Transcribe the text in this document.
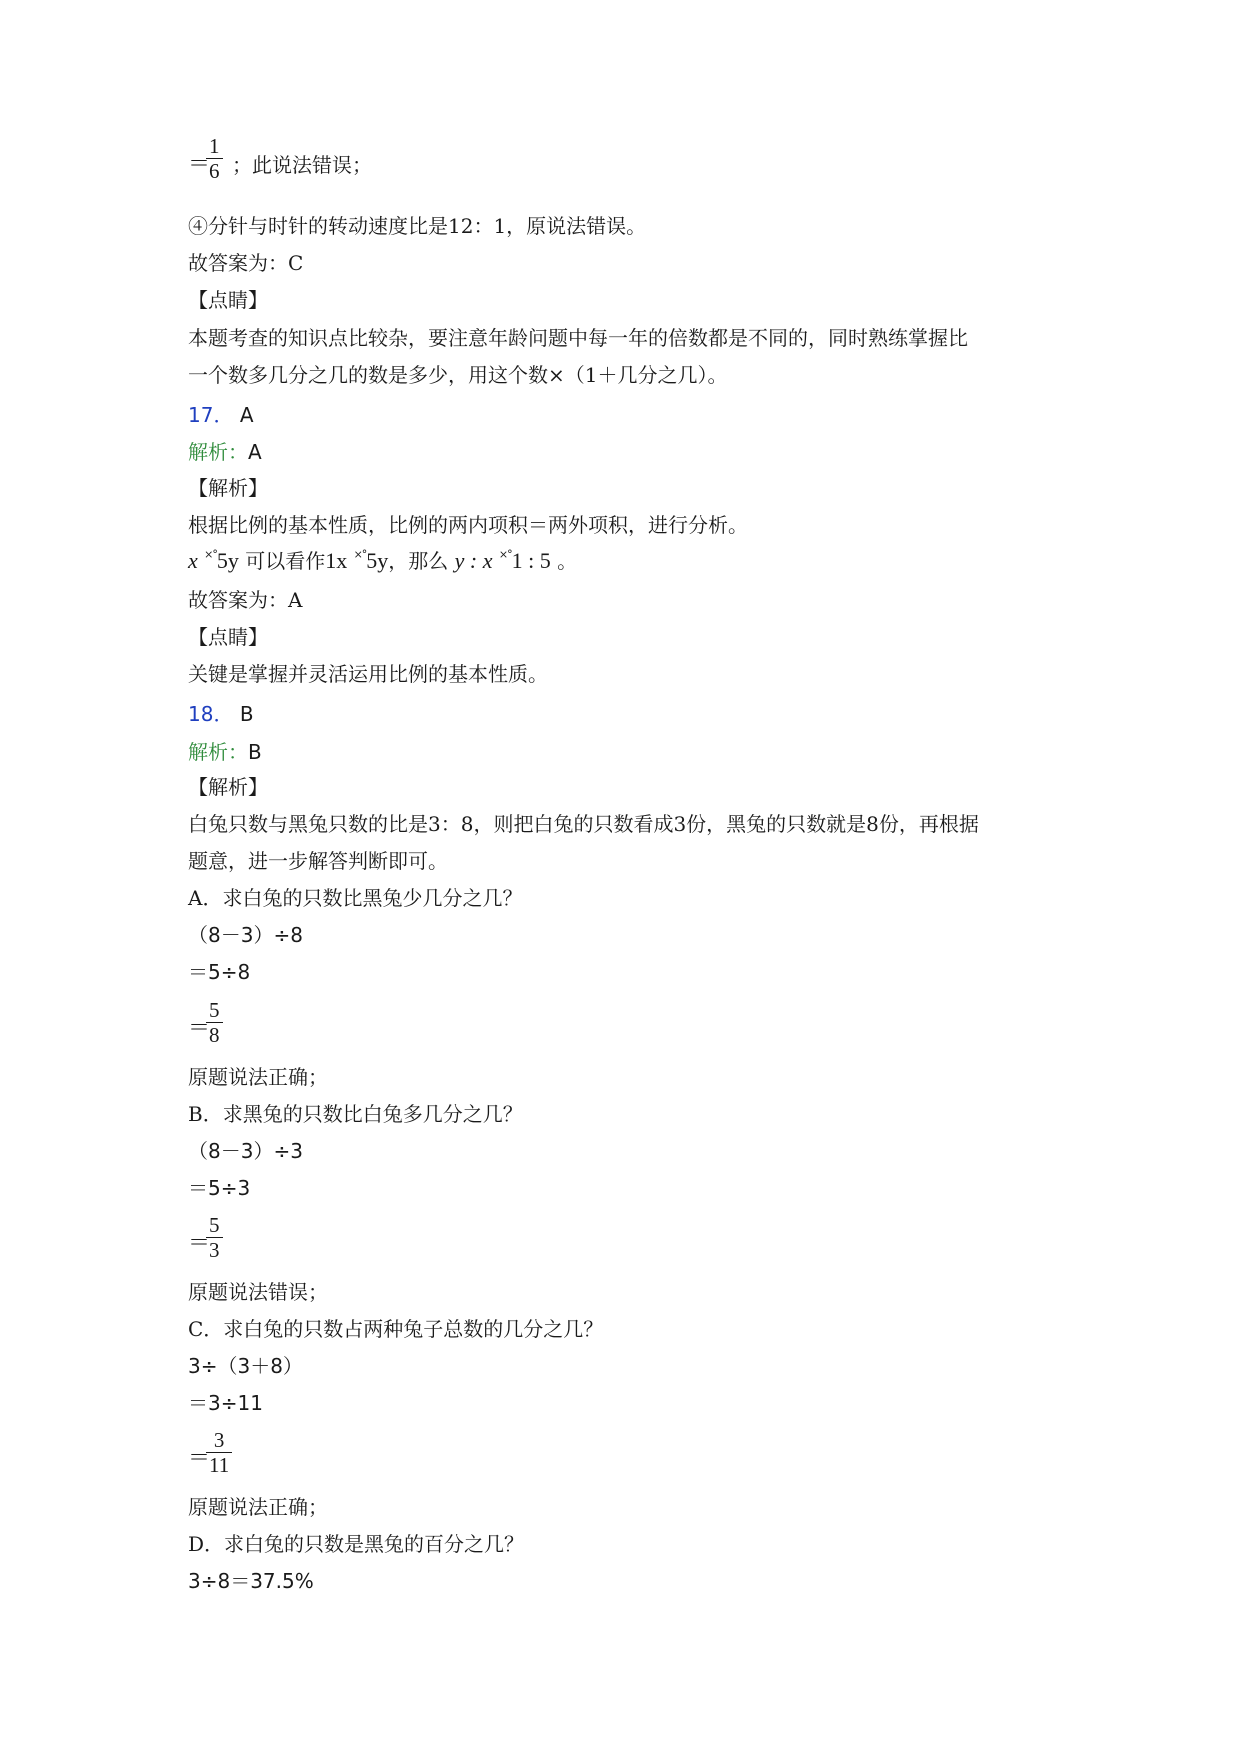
＝
1
6 ；此说法错误；
④分针与时针的转动速度比是12：1，原说法错误。
故答案为：C
【点睛】
本题考查的知识点比较杂，要注意年龄问题中每一年的倍数都是不同的，同时熟练掌握比
一个数多几分之几的数是多少，用这个数×（1＋几分之几）。
17． A
解析：A
【解析】
根据比例的基本性质，比例的两内项积＝两外项积，进行分析。
x ×°5y 可以看作1x ×°5y，那么 y : x ×°1 : 5 。
故答案为：A
【点睛】
关键是掌握并灵活运用比例的基本性质。
18． B
解析：B
【解析】
白兔只数与黑兔只数的比是3：8，则把白兔的只数看成3份，黑兔的只数就是8份，再根据
题意，进一步解答判断即可。
A．求白兔的只数比黑兔少几分之几？
（8－3）÷8
＝5÷8
＝
5
8
原题说法正确；
B．求黑兔的只数比白兔多几分之几？
（8－3）÷3
＝5÷3
＝
5
3
原题说法错误；
C．求白兔的只数占两种兔子总数的几分之几？
3÷（3＋8）
＝3÷11
＝
3
11
原题说法正确；
D．求白兔的只数是黑兔的百分之几？
3÷8＝37.5%
